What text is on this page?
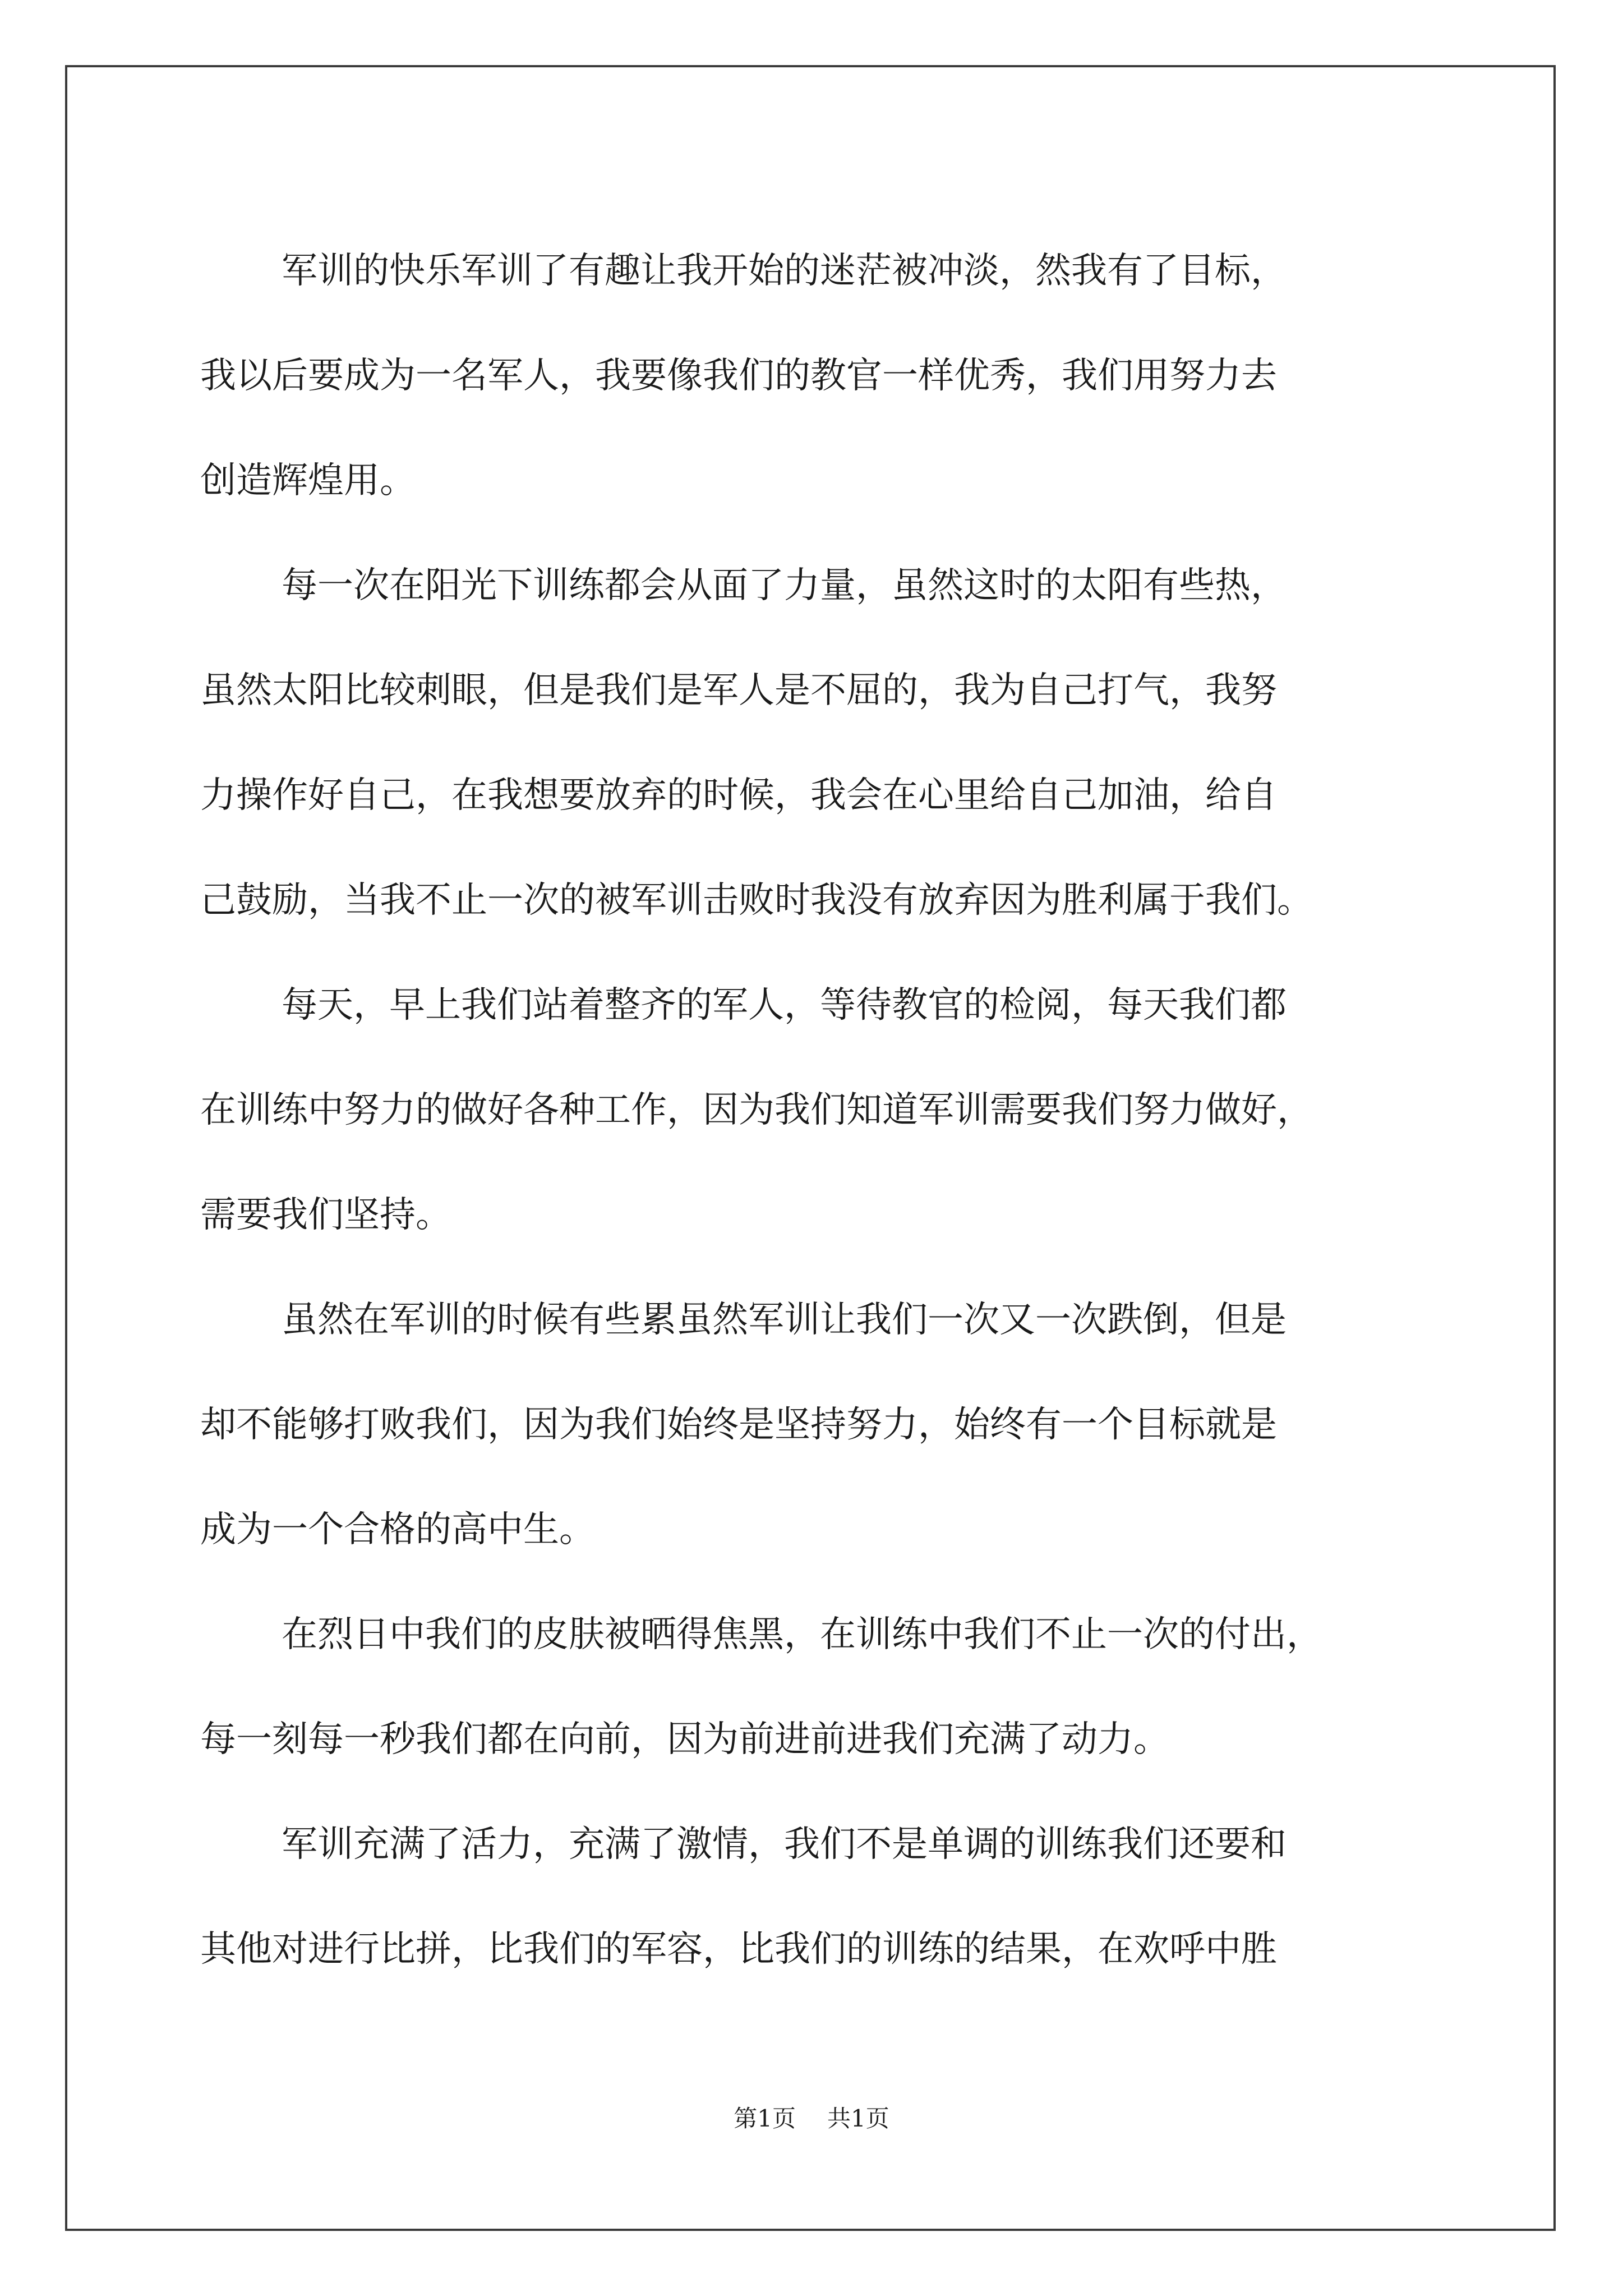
军训的快乐军训了有趣让我开始的迷茫被冲淡，然我有了目标，
我以后要成为一名军人，我要像我们的教官一样优秀，我们用努力去
创造辉煌用。
每一次在阳光下训练都会从面了力量，虽然这时的太阳有些热，
虽然太阳比较刺眼，但是我们是军人是不屈的，我为自己打气，我努
力操作好自己，在我想要放弃的时候，我会在心里给自己加油，给自
己鼓励，当我不止一次的被军训击败时我没有放弃因为胜利属于我们。
每天，早上我们站着整齐的军人，等待教官的检阅，每天我们都
在训练中努力的做好各种工作，因为我们知道军训需要我们努力做好，
需要我们坚持。
虽然在军训的时候有些累虽然军训让我们一次又一次跌倒，但是
却不能够打败我们，因为我们始终是坚持努力，始终有一个目标就是
成为一个合格的高中生。
在烈日中我们的皮肤被晒得焦黑，在训练中我们不止一次的付出，
每一刻每一秒我们都在向前，因为前进前进我们充满了动力。
军训充满了活力，充满了激情，我们不是单调的训练我们还要和
其他对进行比拼，比我们的军容，比我们的训练的结果，在欢呼中胜
第1页 共1页
